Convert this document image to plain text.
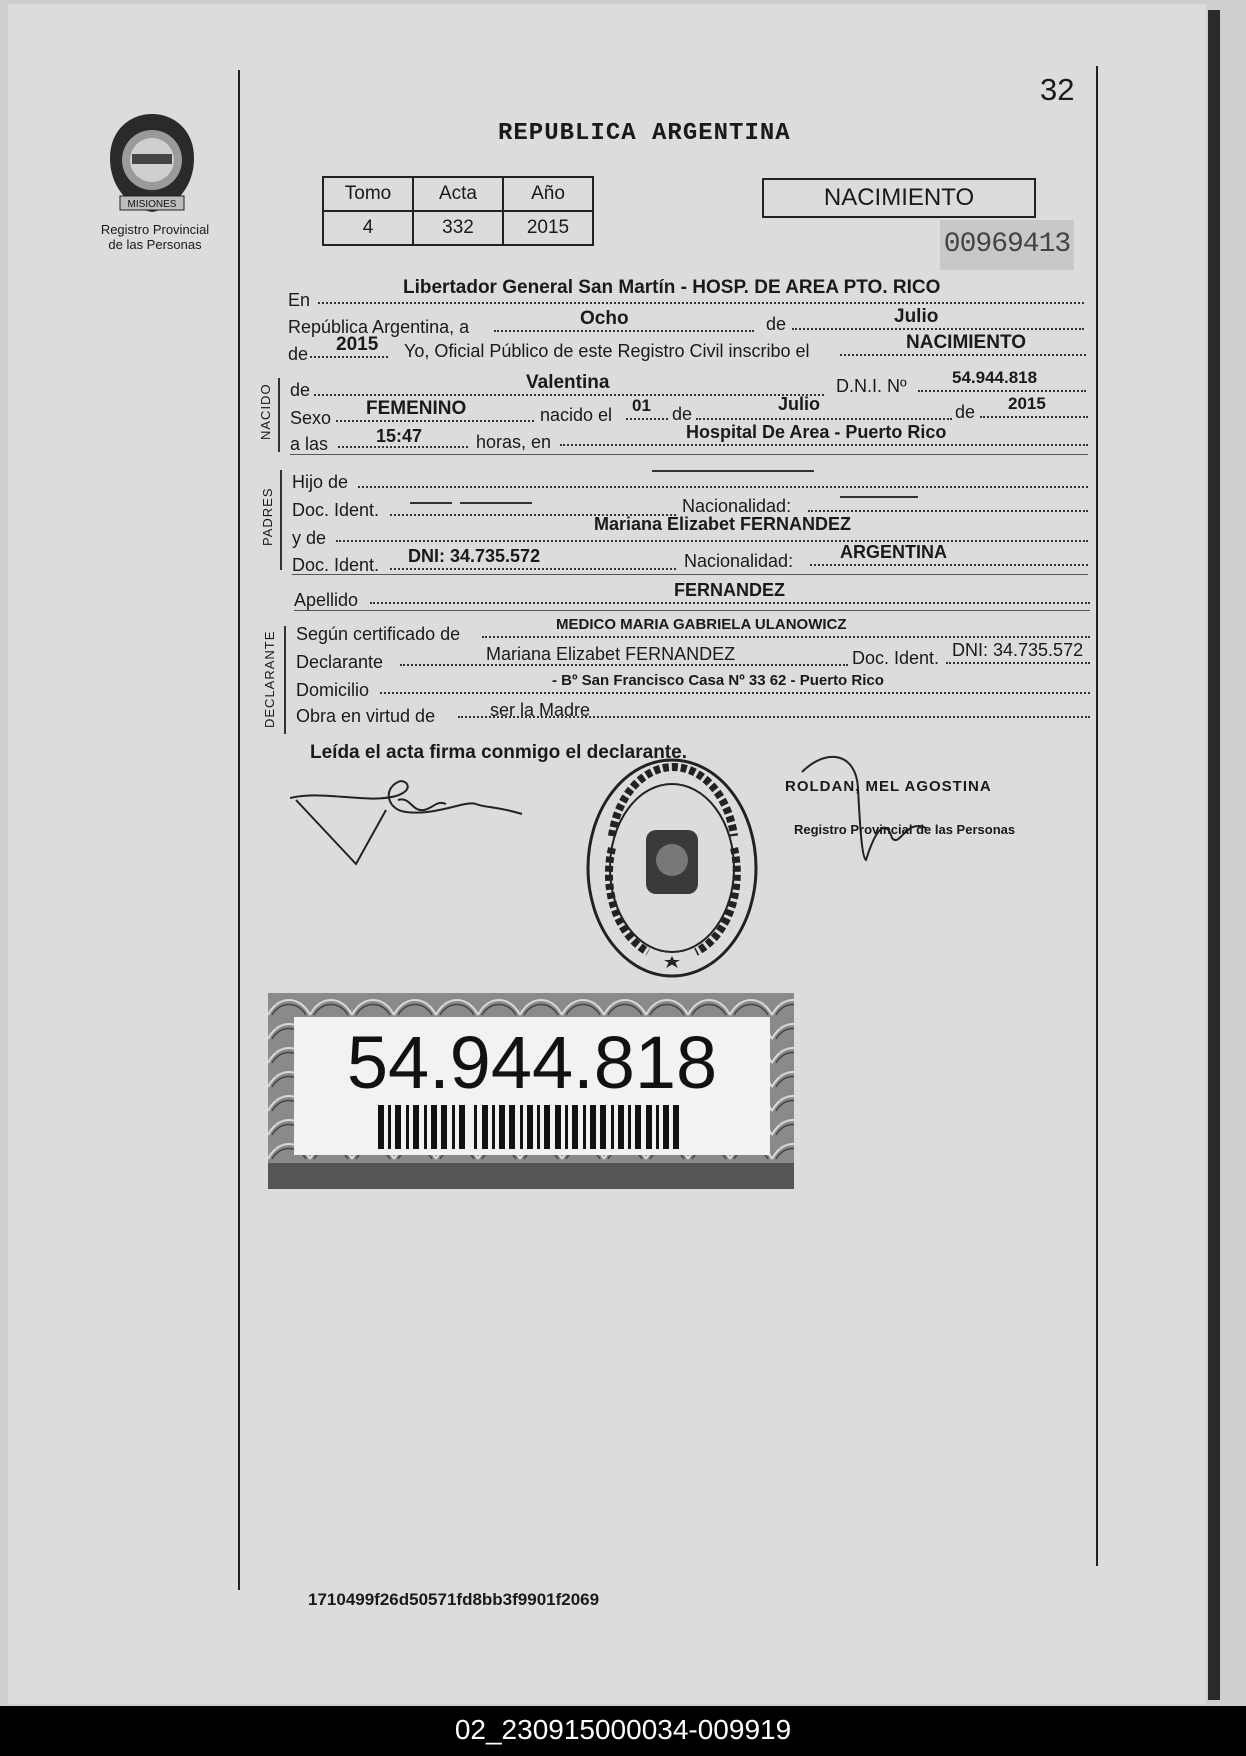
MISIONES
Registro Provincial
de las Personas
32
REPUBLICA ARGENTINA
Tomo	Acta	Año
4	332	2015
NACIMIENTO
00969413
En
Libertador General San Martín - HOSP. DE AREA PTO. RICO
República Argentina, a	Ocho	de	Julio
de 2015 Yo, Oficial Público de este Registro Civil inscribo el	NACIMIENTO
NACIDO de	Valentina	D.N.I. Nº	54.944.818
Sexo FEMENINO	nacido el 01 de	Julio	de 2015
a las	15:47	horas, en	Hospital De Area - Puerto Rico
PADRES
Hijo de
Doc. Ident.	Nacionalidad:
y de
Mariana Elizabet FERNANDEZ
Doc. Ident. DNI: 34.735.572	Nacionalidad:	ARGENTINA
Apellido	FERNANDEZ
DECLARANTE Según certificado de	MEDICO MARIA GABRIELA ULANOWICZ
Declarante	Mariana Elizabet FERNANDEZ	Doc. Ident. DNI: 34.735.572
Domicilio	- Bº San Francisco Casa Nº 33 62 - Puerto Rico
Obra en virtud de	ser la Madre
Leída el acta firma conmigo el declarante.
ROLDAN, MEL AGOSTINA
Registro Provincial de las Personas
54.944.818
1710499f26d50571fd8bb3f9901f2069
02_230915000034-009919
